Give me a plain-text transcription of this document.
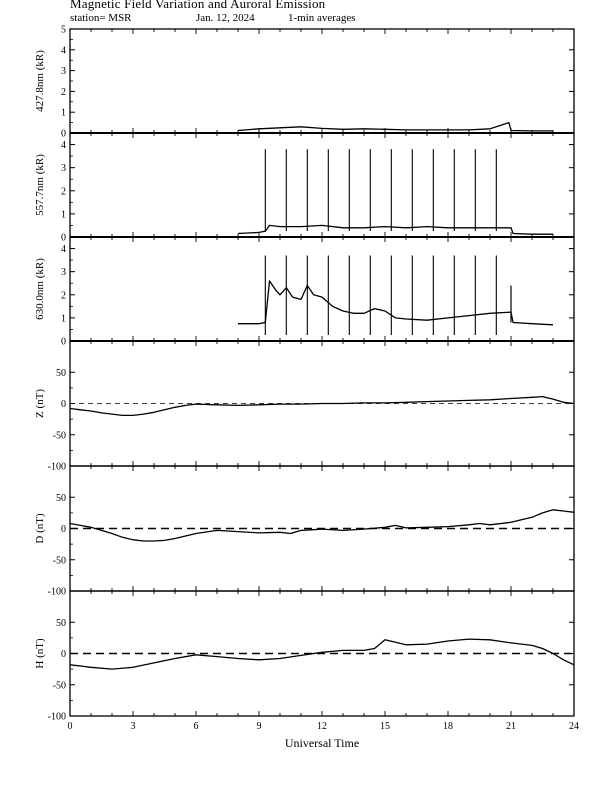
Magnetic Field Variation and Auroral Emission
station= MSR	Jan. 12, 2024	1-min averages
0
1
2
3
4
5
427.8nm (kR)
0
1
2
3
4
557.7nm (kR)
0
1
2
3
4
630.0nm (kR)
-100
-50
0
50
Z (nT)
-100
-50
0
50
D (nT)
-100
-50
0
50
H (nT)
0	3	6	9	12	15	18	21	24
Universal Time
